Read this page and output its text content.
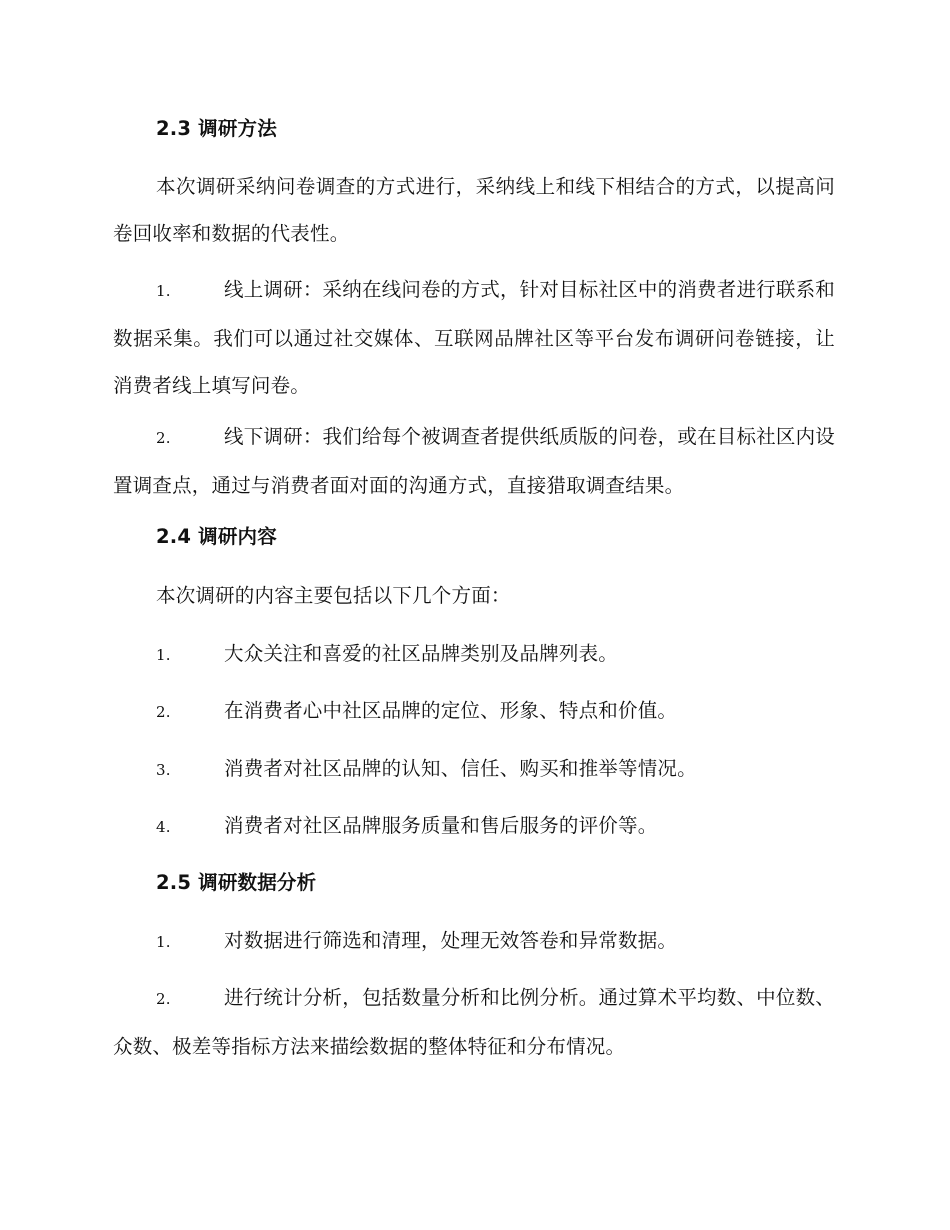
2.3 调研方法
本次调研采纳问卷调查的方式进行，采纳线上和线下相结合的方式，以提高问卷回收率和数据的代表性。
1.	线上调研：采纳在线问卷的方式，针对目标社区中的消费者进行联系和数据采集。我们可以通过社交媒体、互联网品牌社区等平台发布调研问卷链接，让消费者线上填写问卷。
2.	线下调研：我们给每个被调查者提供纸质版的问卷，或在目标社区内设置调查点，通过与消费者面对面的沟通方式，直接猎取调查结果。
2.4 调研内容
本次调研的内容主要包括以下几个方面：
1.	大众关注和喜爱的社区品牌类别及品牌列表。
2.	在消费者心中社区品牌的定位、形象、特点和价值。
3.	消费者对社区品牌的认知、信任、购买和推举等情况。
4.	消费者对社区品牌服务质量和售后服务的评价等。
2.5 调研数据分析
1.	对数据进行筛选和清理，处理无效答卷和异常数据。
2.	进行统计分析，包括数量分析和比例分析。通过算术平均数、中位数、众数、极差等指标方法来描绘数据的整体特征和分布情况。
